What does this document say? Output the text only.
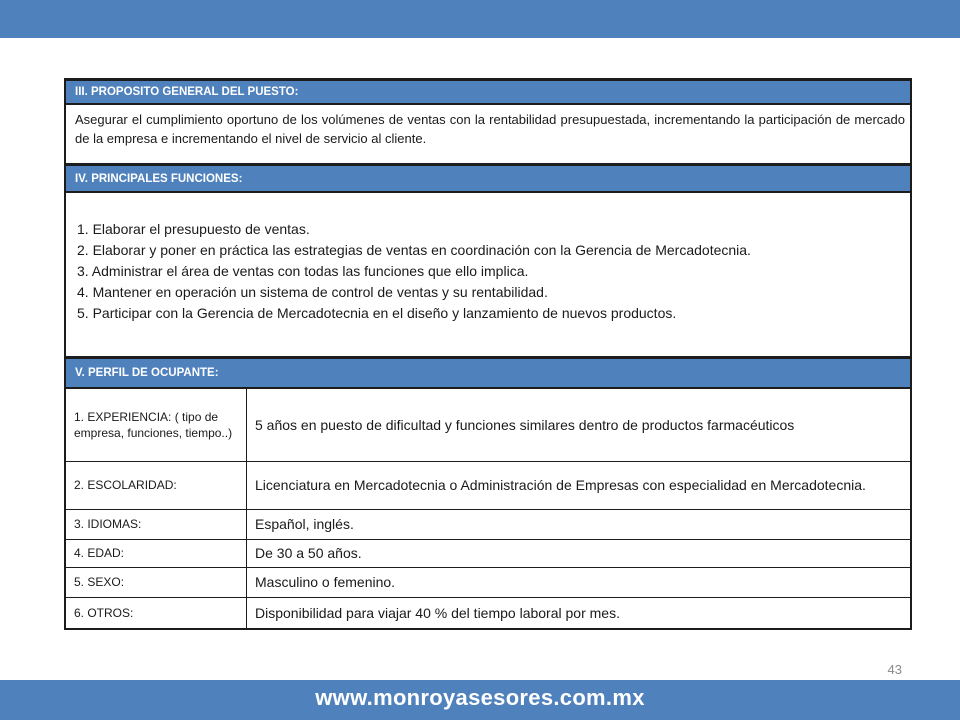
III. PROPOSITO GENERAL DEL PUESTO:
Asegurar el cumplimiento oportuno de los volúmenes de ventas con la rentabilidad presupuestada, incrementando la participación de mercado de la empresa e incrementando el nivel de servicio al cliente.
IV. PRINCIPALES FUNCIONES:

1. Elaborar el presupuesto de ventas.

2. Elaborar y poner en práctica las estrategias de ventas en coordinación con la Gerencia de Mercadotecnia.

3. Administrar el área de ventas con todas las funciones que ello implica.

4. Mantener en operación un sistema de control de ventas y su rentabilidad.

5. Participar con la Gerencia de Mercadotecnia en el diseño y lanzamiento de nuevos productos.

V. PERFIL DE OCUPANTE:
1. EXPERIENCIA: ( tipo de empresa, funciones, tiempo..)	5 años en puesto de dificultad y funciones similares dentro de productos farmacéuticos
2. ESCOLARIDAD:	Licenciatura en Mercadotecnia o Administración de Empresas con especialidad en Mercadotecnia.
3. IDIOMAS:	Español, inglés.
4. EDAD:	De 30 a 50 años.
5. SEXO:	Masculino o femenino.
6. OTROS:	Disponibilidad para viajar 40 % del tiempo laboral por mes.
43
www.monroyasesores.com.mx
